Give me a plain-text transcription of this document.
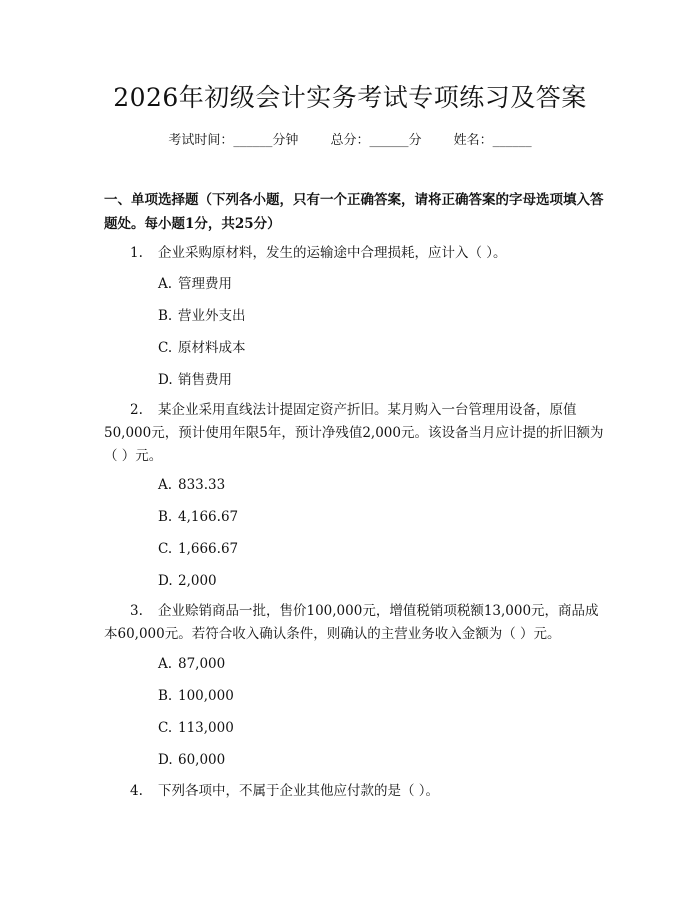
2026年初级会计实务考试专项练习及答案
考试时间：______分钟 总分：______分 姓名：______
一、单项选择题（下列各小题，只有一个正确答案，请将正确答案的字母选项填入答题处。每小题1分，共25分）
1. 企业采购原材料，发生的运输途中合理损耗，应计入（ ）。
A. 管理费用
B. 营业外支出
C. 原材料成本
D. 销售费用
2. 某企业采用直线法计提固定资产折旧。某月购入一台管理用设备，原值50,000元，预计使用年限5年，预计净残值2,000元。该设备当月应计提的折旧额为（ ）元。
A. 833.33
B. 4,166.67
C. 1,666.67
D. 2,000
3. 企业赊销商品一批，售价100,000元，增值税销项税额13,000元，商品成本60,000元。若符合收入确认条件，则确认的主营业务收入金额为（ ）元。
A. 87,000
B. 100,000
C. 113,000
D. 60,000
4. 下列各项中，不属于企业其他应付款的是（ ）。
